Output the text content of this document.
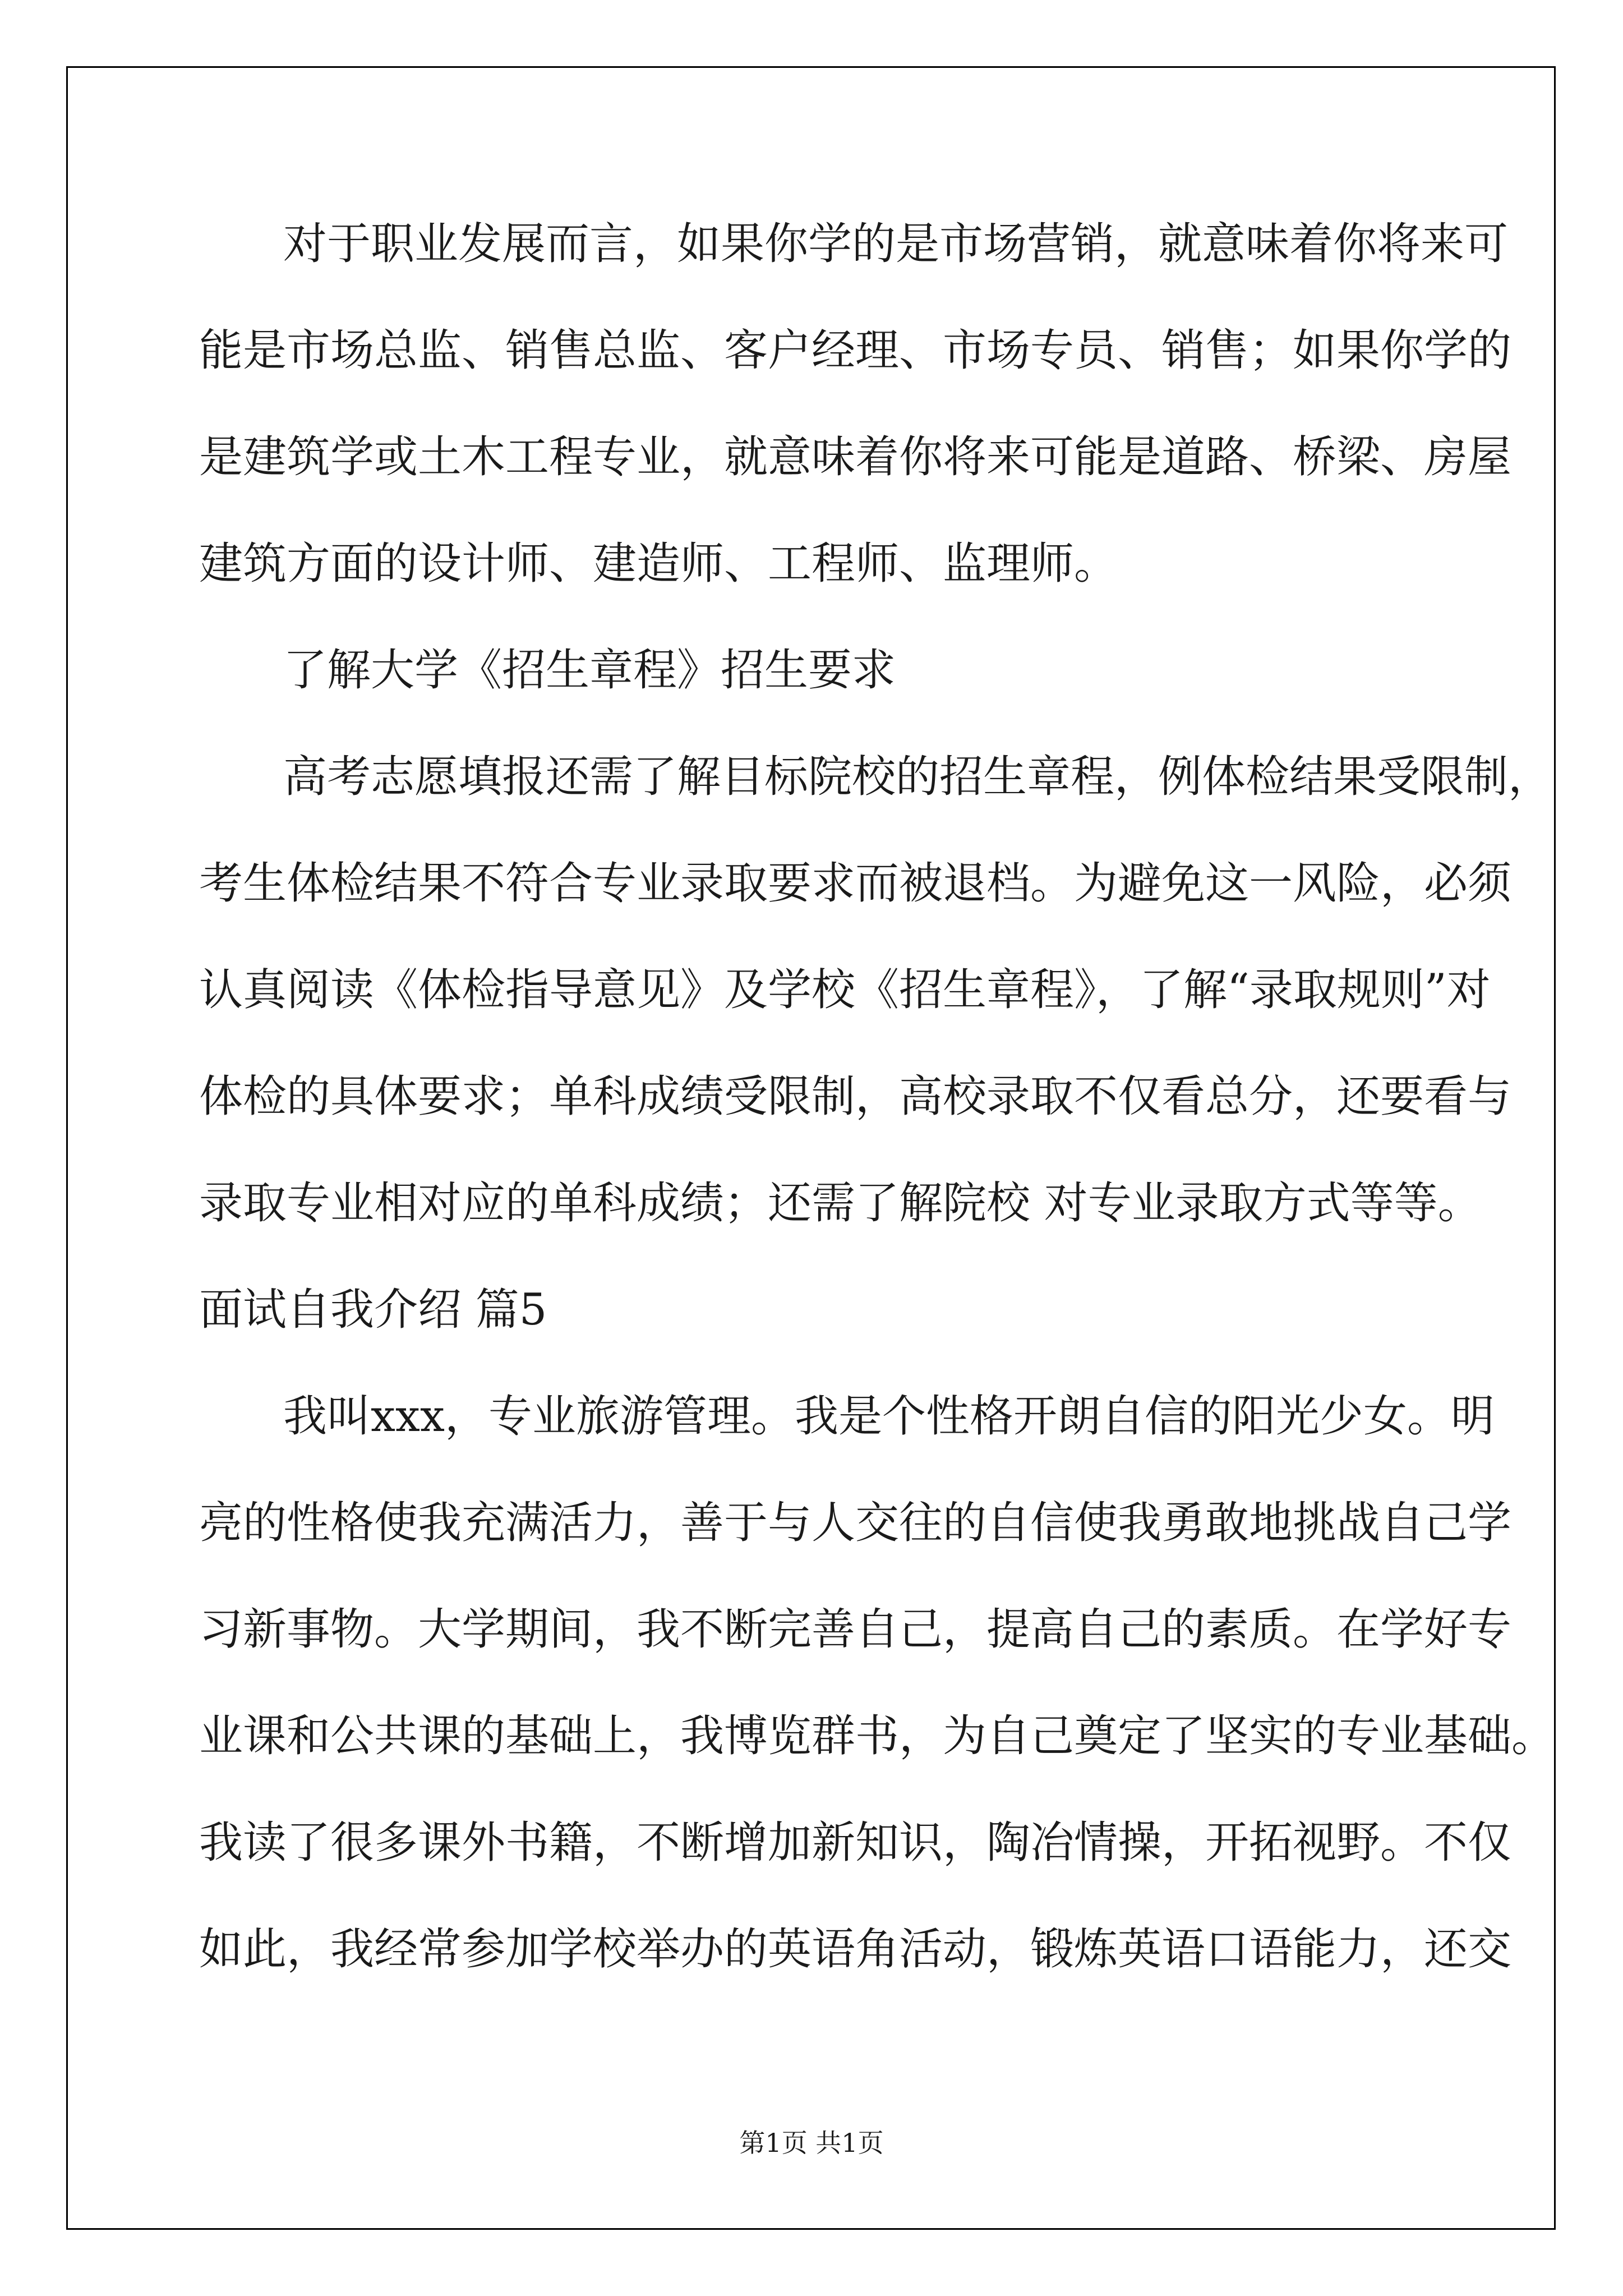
对于职业发展而言，如果你学的是市场营销，就意味着你将来可
能是市场总监、销售总监、客户经理、市场专员、销售；如果你学的
是建筑学或土木工程专业，就意味着你将来可能是道路、桥梁、房屋
建筑方面的设计师、建造师、工程师、监理师。
了解大学《招生章程》招生要求
高考志愿填报还需了解目标院校的招生章程，例体检结果受限制，
考生体检结果不符合专业录取要求而被退档。为避免这一风险，必须
认真阅读《体检指导意见》及学校《招生章程》，了解“录取规则”对
体检的具体要求；单科成绩受限制，高校录取不仅看总分，还要看与
录取专业相对应的单科成绩；还需了解院校 对专业录取方式等等。
面试自我介绍 篇5
我叫xxx，专业旅游管理。我是个性格开朗自信的阳光少女。明
亮的性格使我充满活力，善于与人交往的自信使我勇敢地挑战自己学
习新事物。大学期间，我不断完善自己，提高自己的素质。在学好专
业课和公共课的基础上，我博览群书，为自己奠定了坚实的专业基础。
我读了很多课外书籍，不断增加新知识，陶冶情操，开拓视野。不仅
如此，我经常参加学校举办的英语角活动，锻炼英语口语能力，还交
第1页 共1页
